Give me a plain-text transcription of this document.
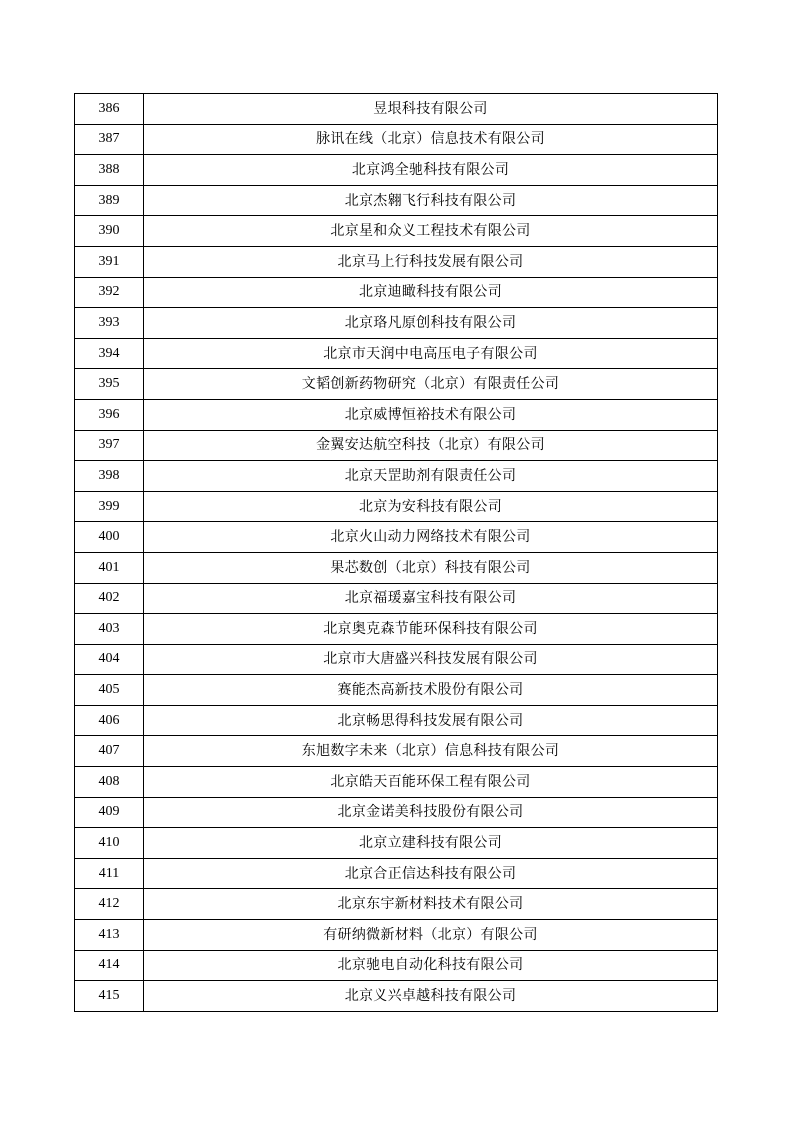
386	昱垠科技有限公司
387	脉讯在线（北京）信息技术有限公司
388	北京鸿全驰科技有限公司
389	北京杰翱飞行科技有限公司
390	北京星和众义工程技术有限公司
391	北京马上行科技发展有限公司
392	北京迪瞰科技有限公司
393	北京珞凡原创科技有限公司
394	北京市天润中电高压电子有限公司
395	文韬创新药物研究（北京）有限责任公司
396	北京威博恒裕技术有限公司
397	金翼安达航空科技（北京）有限公司
398	北京天罡助剂有限责任公司
399	北京为安科技有限公司
400	北京火山动力网络技术有限公司
401	果芯数创（北京）科技有限公司
402	北京福瑗嘉宝科技有限公司
403	北京奥克森节能环保科技有限公司
404	北京市大唐盛兴科技发展有限公司
405	赛能杰高新技术股份有限公司
406	北京畅思得科技发展有限公司
407	东旭数字未来（北京）信息科技有限公司
408	北京皓天百能环保工程有限公司
409	北京金诺美科技股份有限公司
410	北京立建科技有限公司
411	北京合正信达科技有限公司
412	北京东宇新材料技术有限公司
413	有研纳微新材料（北京）有限公司
414	北京驰电自动化科技有限公司
415	北京义兴卓越科技有限公司
